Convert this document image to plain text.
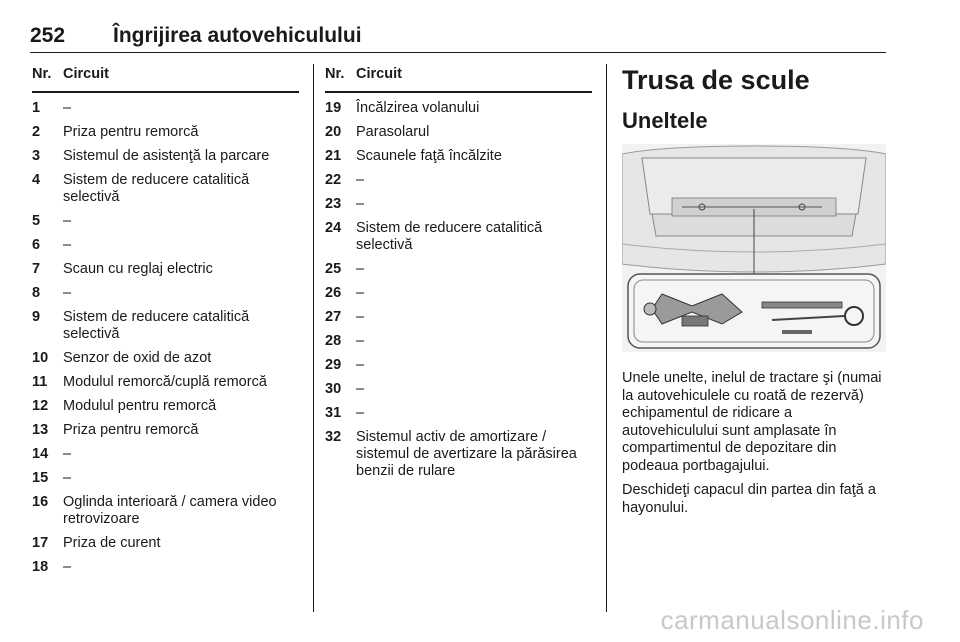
252 Îngrijirea autovehiculului
Nr. Circuit
1	–
2	Priza pentru remorcă
3	Sistemul de asistenţă la parcare
4	Sistem de reducere catalitică selectivă
5	–
6	–
7	Scaun cu reglaj electric
8	–
9	Sistem de reducere catalitică selectivă
10	Senzor de oxid de azot
11	Modulul remorcă/cuplă remorcă
12	Modulul pentru remorcă
13	Priza pentru remorcă
14	–
15	–
16	Oglinda interioară / camera video retrovizoare
17	Priza de curent
18	–
Nr. Circuit
19	Încălzirea volanului
20	Parasolarul
21	Scaunele faţă încălzite
22	–
23	–
24	Sistem de reducere catalitică selectivă
25	–
26	–
27	–
28	–
29	–
30	–
31	–
32	Sistemul activ de amortizare / sistemul de avertizare la părăsirea benzii de rulare
Trusa de scule
Uneltele

Unele unelte, inelul de tractare şi (numai la autovehiculele cu roată de rezervă) echipamentul de ridicare a autovehiculului sunt amplasate în compartimentul de depozitare din podeaua portbagajului.

Deschideţi capacul din partea din faţă a hayonului.

carmanualsonline.info
